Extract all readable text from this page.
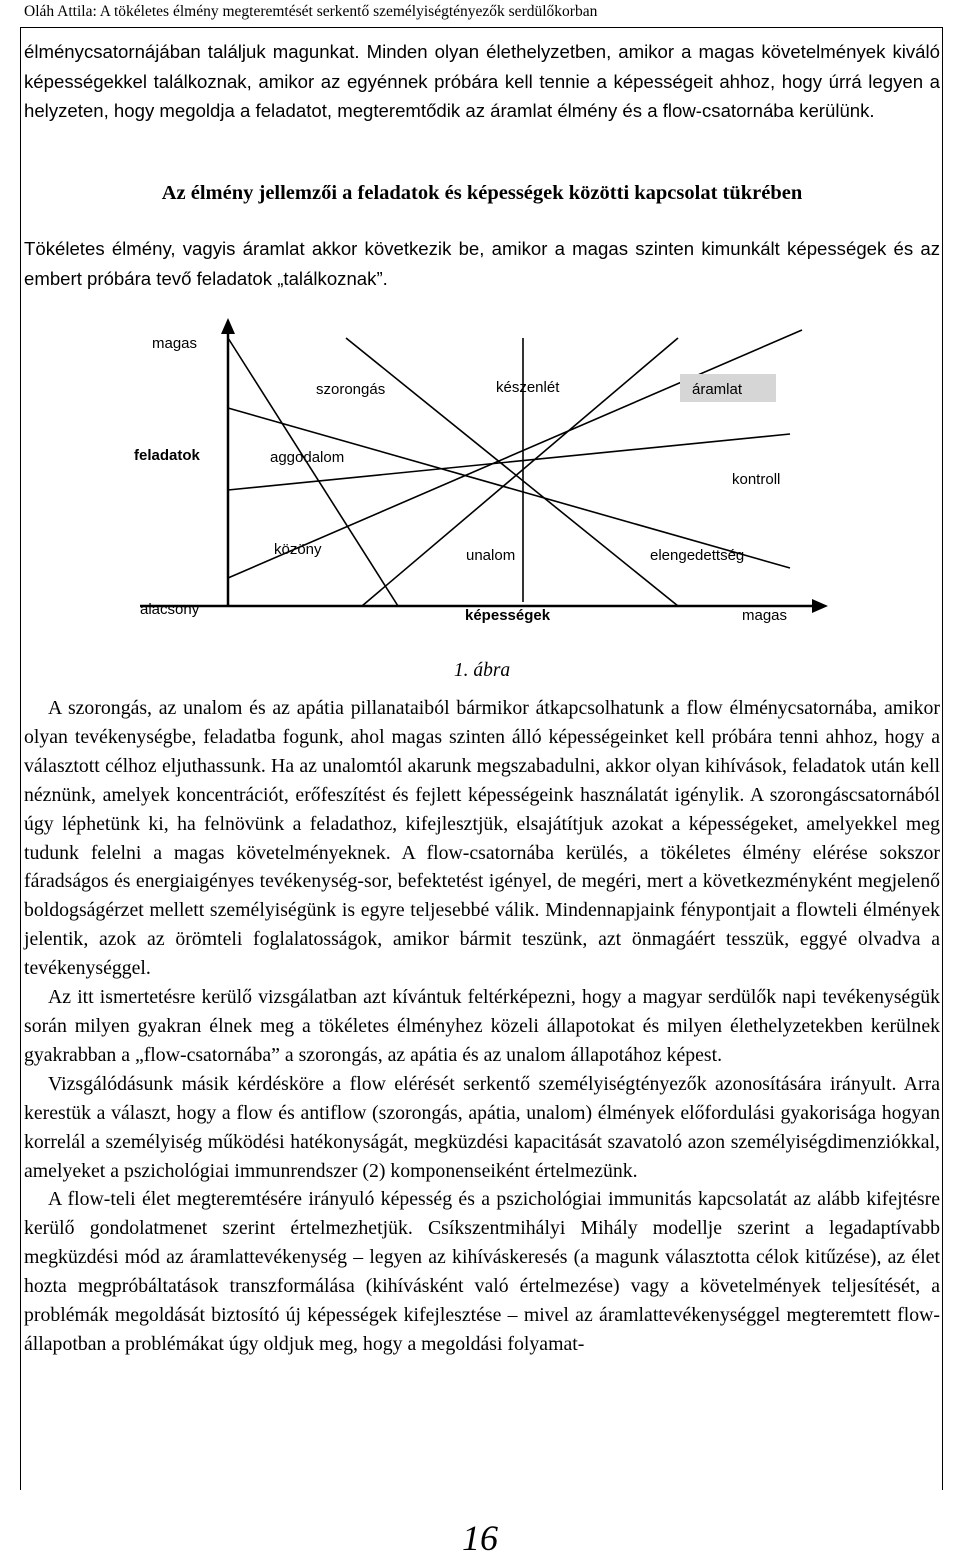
Oláh Attila: A tökéletes élmény megteremtését serkentő személyiségtényezők serdülőkorban

élménycsatornájában találjuk magunkat. Minden olyan élethelyzetben, amikor a magas követelmények kiváló képességekkel találkoznak, amikor az egyénnek próbára kell tennie a képességeit ahhoz, hogy úrrá legyen a helyzeten, hogy megoldja a feladatot, megteremtődik az áramlat élmény és a flow-csatornába kerülünk.

Az élmény jellemzői a feladatok és képességek közötti kapcsolat tükrében

Tökéletes élmény, vagyis áramlat akkor következik be, amikor a magas szinten kimunkált képességek és az embert próbára tevő feladatok „találkoznak”.

magas
feladatok
alacsony	képességek	magas
szorongás	készenlét	áramlat
aggodalom
kontroll
közöny	unalom	elengedettség

1. ábra

A szorongás, az unalom és az apátia pillanataiból bármikor átkapcsolhatunk a flow élménycsatornába, amikor olyan tevékenységbe, feladatba fogunk, ahol magas szinten álló képességeinket kell próbára tenni ahhoz, hogy a választott célhoz eljuthassunk. Ha az unalomtól akarunk megszabadulni, akkor olyan kihívások, feladatok után kell néznünk, amelyek koncentrációt, erőfeszítést és fejlett képességeink használatát igénylik. A szorongáscsatornából úgy léphetünk ki, ha felnövünk a feladathoz, kifejlesztjük, elsajátítjuk azokat a képességeket, amelyekkel meg tudunk felelni a magas követelményeknek. A flow-csatornába kerülés, a tökéletes élmény elérése sokszor fáradságos és energiaigényes tevékenység-sor, befektetést igényel, de megéri, mert a következményként megjelenő boldogságérzet mellett személyiségünk is egyre teljesebbé válik. Mindennapjaink fénypontjait a flowteli élmények jelentik, azok az örömteli foglalatosságok, amikor bármit teszünk, azt önmagáért tesszük, eggyé olvadva a tevékenységgel.

Az itt ismertetésre kerülő vizsgálatban azt kívántuk feltérképezni, hogy a magyar serdülők napi tevékenységük során milyen gyakran élnek meg a tökéletes élményhez közeli állapotokat és milyen élethelyzetekben kerülnek gyakrabban a „flow-csatornába” a szorongás, az apátia és az unalom állapotához képest.

Vizsgálódásunk másik kérdésköre a flow elérését serkentő személyiségtényezők azonosítására irányult. Arra kerestük a választ, hogy a flow és antiflow (szorongás, apátia, unalom) élmények előfordulási gyakorisága hogyan korrelál a személyiség működési hatékonyságát, megküzdési kapacitását szavatoló azon személyiségdimenziókkal, amelyeket a pszichológiai immunrendszer (2) komponenseiként értelmezünk.

A flow-teli élet megteremtésére irányuló képesség és a pszichológiai immunitás kapcsolatát az alább kifejtésre kerülő gondolatmenet szerint értelmezhetjük. Csíkszentmihályi Mihály modellje szerint a legadaptívabb megküzdési mód az áramlattevékenység – legyen az kihíváskeresés (a magunk választotta célok kitűzése), az élet hozta megpróbáltatások transzformálása (kihívásként való értelmezése) vagy a követelmények teljesítését, a problémák megoldását biztosító új képességek kifejlesztése – mivel az áramlattevékenységgel megteremtett flow-állapotban a problémákat úgy oldjuk meg, hogy a megoldási folyamat-

16
